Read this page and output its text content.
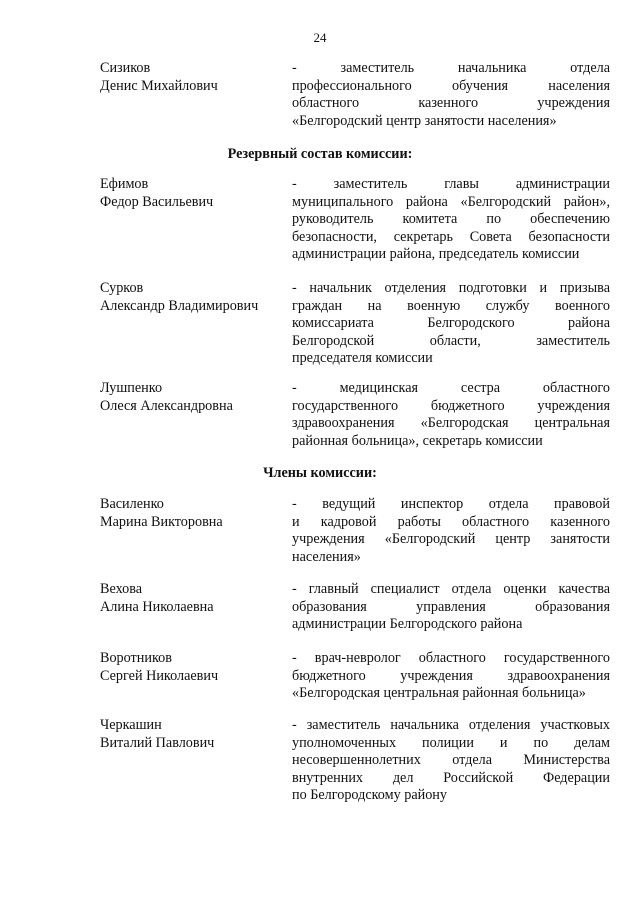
24
Сизиков
Денис Михайлович
- заместитель начальника отдела
профессионального обучения населения
областного казенного учреждения
«Белгородский центр занятости населения»
Резервный состав комиссии:
Ефимов
Федор Васильевич
- заместитель главы администрации
муниципального района «Белгородский район»,
руководитель комитета по обеспечению
безопасности, секретарь Совета безопасности
администрации района, председатель комиссии
Сурков
Александр Владимирович
- начальник отделения подготовки и призыва
граждан на военную службу военного
комиссариата Белгородского района
Белгородской области, заместитель
председателя комиссии
Лушпенко
Олеся Александровна
- медицинская сестра областного
государственного бюджетного учреждения
здравоохранения «Белгородская центральная
районная больница», секретарь комиссии
Члены комиссии:
Василенко
Марина Викторовна
- ведущий инспектор отдела правовой
и кадровой работы областного казенного
учреждения «Белгородский центр занятости
населения»
Вехова
Алина Николаевна
- главный специалист отдела оценки качества
образования управления образования
администрации Белгородского района
Воротников
Сергей Николаевич
- врач-невролог областного государственного
бюджетного учреждения здравоохранения
«Белгородская центральная районная больница»
Черкашин
Виталий Павлович
- заместитель начальника отделения участковых
уполномоченных полиции и по делам
несовершеннолетних отдела Министерства
внутренних дел Российской Федерации
по Белгородскому району
